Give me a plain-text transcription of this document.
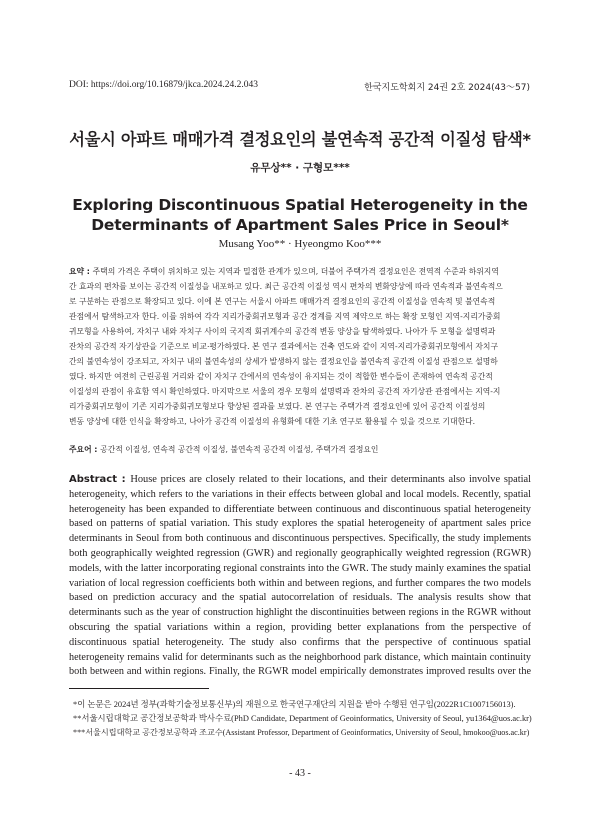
DOI: https://doi.org/10.16879/jkca.2024.24.2.043	한국지도학회지 24권 2호 2024(43～57)
서울시 아파트 매매가격 결정요인의 불연속적 공간적 이질성 탐색*
유무상** · 구형모***
Exploring Discontinuous Spatial Heterogeneity in the
Determinants of Apartment Sales Price in Seoul*
Musang Yoo** · Hyeongmo Koo***
요약 : 주택의 가격은 주택이 위치하고 있는 지역과 밀접한 관계가 있으며, 더불어 주택가격 결정요인은 전역적 수준과 하위지역
간 효과의 편차를 보이는 공간적 이질성을 내포하고 있다. 최근 공간적 이질성 역시 편차의 변화양상에 따라 연속적과 불연속적으
로 구분하는 관점으로 확장되고 있다. 이에 본 연구는 서울시 아파트 매매가격 결정요인의 공간적 이질성을 연속적 및 불연속적
관점에서 탐색하고자 한다. 이를 위하여 각각 지리가중회귀모형과 공간 경계를 지역 제약으로 하는 확장 모형인 지역-지리가중회
귀모형을 사용하여, 자치구 내와 자치구 사이의 국지적 회귀계수의 공간적 변동 양상을 탐색하였다. 나아가 두 모형을 설명력과
잔차의 공간적 자기상관을 기준으로 비교·평가하였다. 본 연구 결과에서는 건축 연도와 같이 지역-지리가중회귀모형에서 자치구
간의 불연속성이 강조되고, 자치구 내의 불연속성의 상세가 발생하지 않는 결정요인을 불연속적 공간적 이질성 관점으로 설명하
였다. 하지만 여전히 근린공원 거리와 같이 자치구 간에서의 연속성이 유지되는 것이 적합한 변수들이 존재하여 연속적 공간적
이질성의 관점이 유효함 역시 확인하였다. 마지막으로 서울의 경우 모형의 설명력과 잔차의 공간적 자기상관 관점에서는 지역-지
리가중회귀모형이 기존 지리가중회귀모형보다 향상된 결과를 보였다. 본 연구는 주택가격 결정요인에 있어 공간적 이질성의
변동 양상에 대한 인식을 확장하고, 나아가 공간적 이질성의 유형화에 대한 기초 연구로 활용될 수 있을 것으로 기대한다.
주요어 : 공간적 이질성, 연속적 공간적 이질성, 불연속적 공간적 이질성, 주택가격 결정요인
Abstract : House prices are closely related to their locations, and their determinants also involve spatial
heterogeneity, which refers to the variations in their effects between global and local models. Recently, spatial
heterogeneity has been expanded to differentiate between continuous and discontinuous spatial heterogeneity
based on patterns of spatial variation. This study explores the spatial heterogeneity of apartment sales price
determinants in Seoul from both continuous and discontinuous perspectives. Specifically, the study implements
both geographically weighted regression (GWR) and regionally geographically weighted regression (RGWR)
models, with the latter incorporating regional constraints into the GWR. The study mainly examines the spatial
variation of local regression coefficients both within and between regions, and further compares the two models
based on prediction accuracy and the spatial autocorrelation of residuals. The analysis results show that
determinants such as the year of construction highlight the discontinuities between regions in the RGWR without
obscuring the spatial variations within a region, providing better explanations from the perspective of
discontinuous spatial heterogeneity. The study also confirms that the perspective of continuous spatial
heterogeneity remains valid for determinants such as the neighborhood park distance, which maintain continuity
both between and within regions. Finally, the RGWR model empirically demonstrates improved results over the
*이 논문은 2024년 정부(과학기술정보통신부)의 재원으로 한국연구재단의 지원을 받아 수행된 연구임(2022R1C1007156013).
**서울시립대학교 공간정보공학과 박사수료(PhD Candidate, Department of Geoinformatics, University of Seoul, yu1364@uos.ac.kr)
***서울시립대학교 공간정보공학과 조교수(Assistant Professor, Department of Geoinformatics, University of Seoul, hmokoo@uos.ac.kr)
- 43 -
